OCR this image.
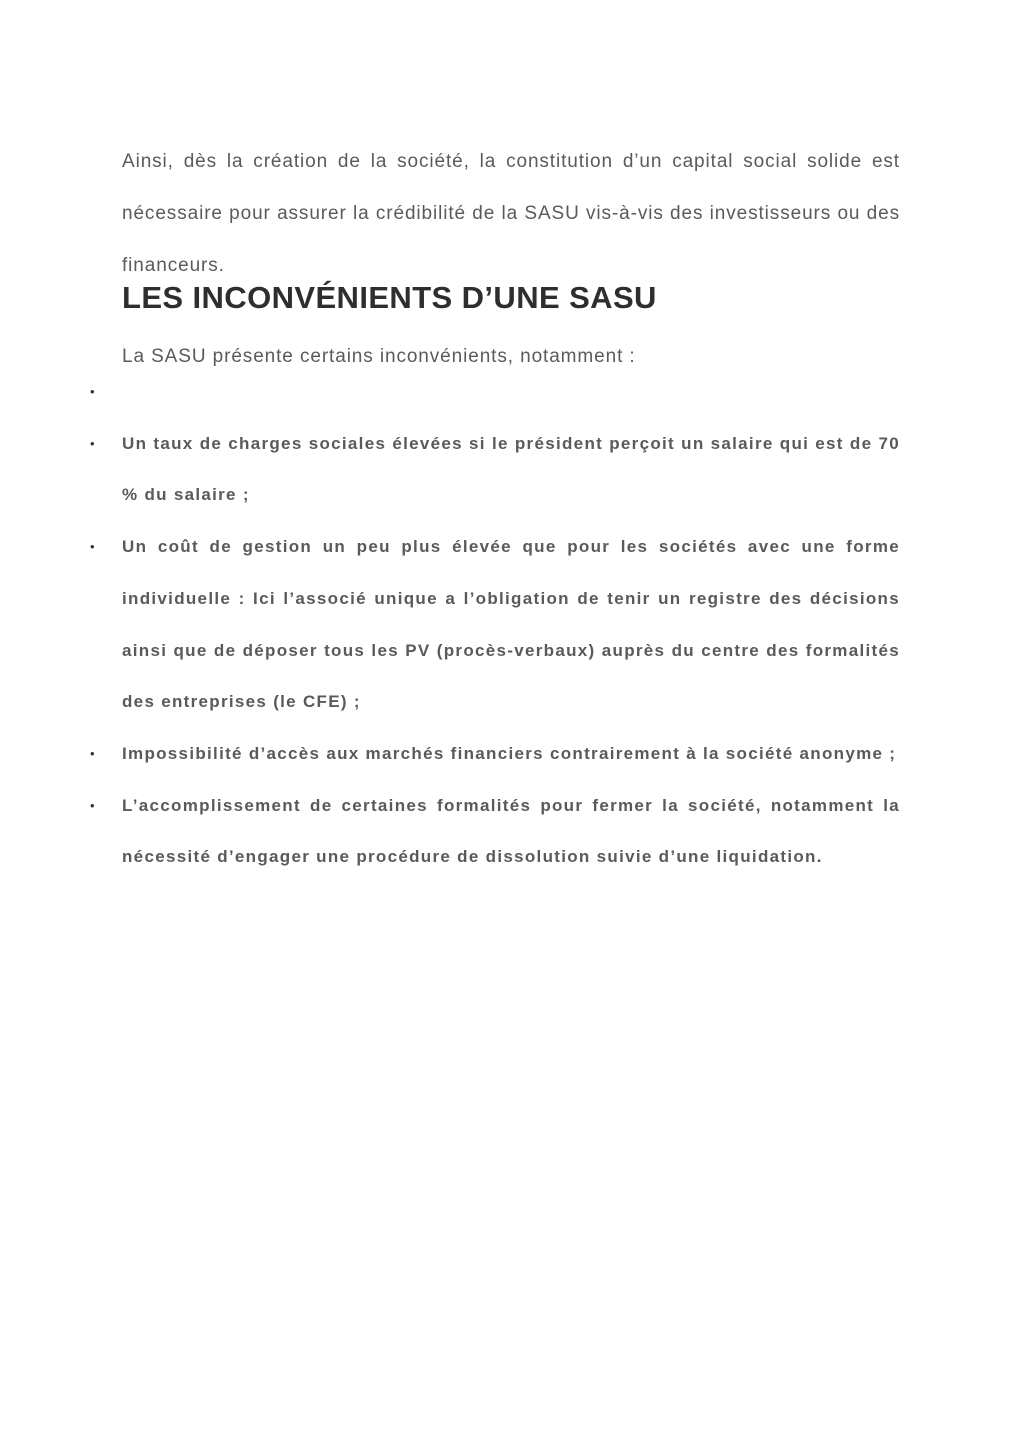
Ainsi, dès la création de la société, la constitution d’un capital social solide est nécessaire pour assurer la crédibilité de la SASU vis-à-vis des investisseurs ou des financeurs.

LES INCONVÉNIENTS D’UNE SASU

La SASU présente certains inconvénients, notamment :

•
• Un taux de charges sociales élevées si le président perçoit un salaire qui est de 70 % du salaire ;
• Un coût de gestion un peu plus élevée que pour les sociétés avec une forme individuelle : Ici l’associé unique a l’obligation de tenir un registre des décisions ainsi que de déposer tous les PV (procès-verbaux) auprès du centre des formalités des entreprises (le CFE) ;
• Impossibilité d’accès aux marchés financiers contrairement à la société anonyme ;
• L’accomplissement de certaines formalités pour fermer la société, notamment la nécessité d’engager une procédure de dissolution suivie d’une liquidation.
